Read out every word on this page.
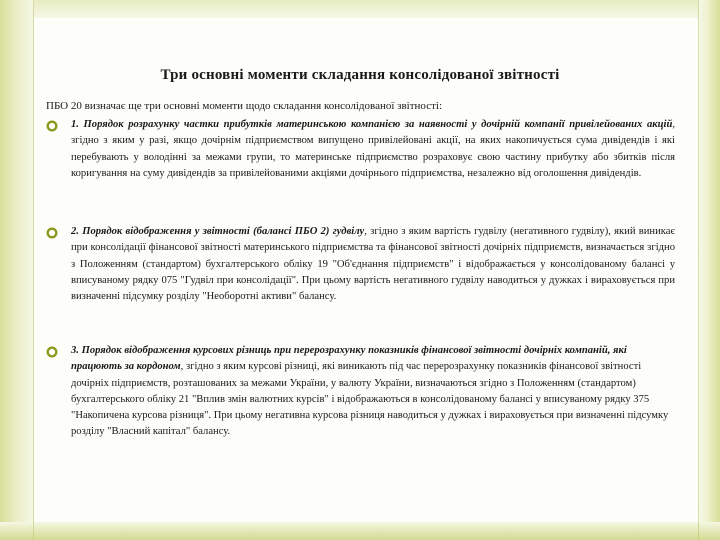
Три основні моменти складання консолідованої звітності
ПБО 20 визначає ще три основні моменти щодо складання консолідованої звітності:
1. Порядок розрахунку частки прибутків материнською компанією за наявності у дочірній компанії привілейованих акцій, згідно з яким у разі, якщо дочірнім підприємством випущено привілейовані акції, на яких накопичується сума дивідендів і які перебувають у володінні за межами групи, то материнське підприємство розраховує свою частину прибутку або збитків після коригування на суму дивідендів за привілейованими акціями дочірнього підприємства, незалежно від оголошення дивідендів.
2. Порядок відображення у звітності (балансі ПБО 2) гудвілу, згідно з яким вартість гудвілу (негативного гудвілу), який виникає при консолідації фінансової звітності материнського підприємства та фінансової звітності дочірніх підприємств, визначається згідно з Положенням (стандартом) бухгалтерського обліку 19 "Об'єднання підприємств" і відображається у консолідованому балансі у вписуваному рядку 075 "Гудвіл при консолідації". При цьому вартість негативного гудвілу наводиться у дужках і вираховується при визначенні підсумку розділу "Необоротні активи" балансу.
3. Порядок відображення курсових різниць при перерозрахунку показників фінансової звітності дочірніх компаній, які працюють за кордоном, згідно з яким курсові різниці, які виникають під час перерозрахунку показників фінансової звітності дочірніх підприємств, розташованих за межами України, у валюту України, визначаються згідно з Положенням (стандартом) бухгалтерського обліку 21 "Вплив змін валютних курсів" і відображаються в консолідованому балансі у вписуваному рядку 375 "Накопичена курсова різниця". При цьому негативна курсова різниця наводиться у дужках і вираховується при визначенні підсумку розділу "Власний капітал" балансу.
